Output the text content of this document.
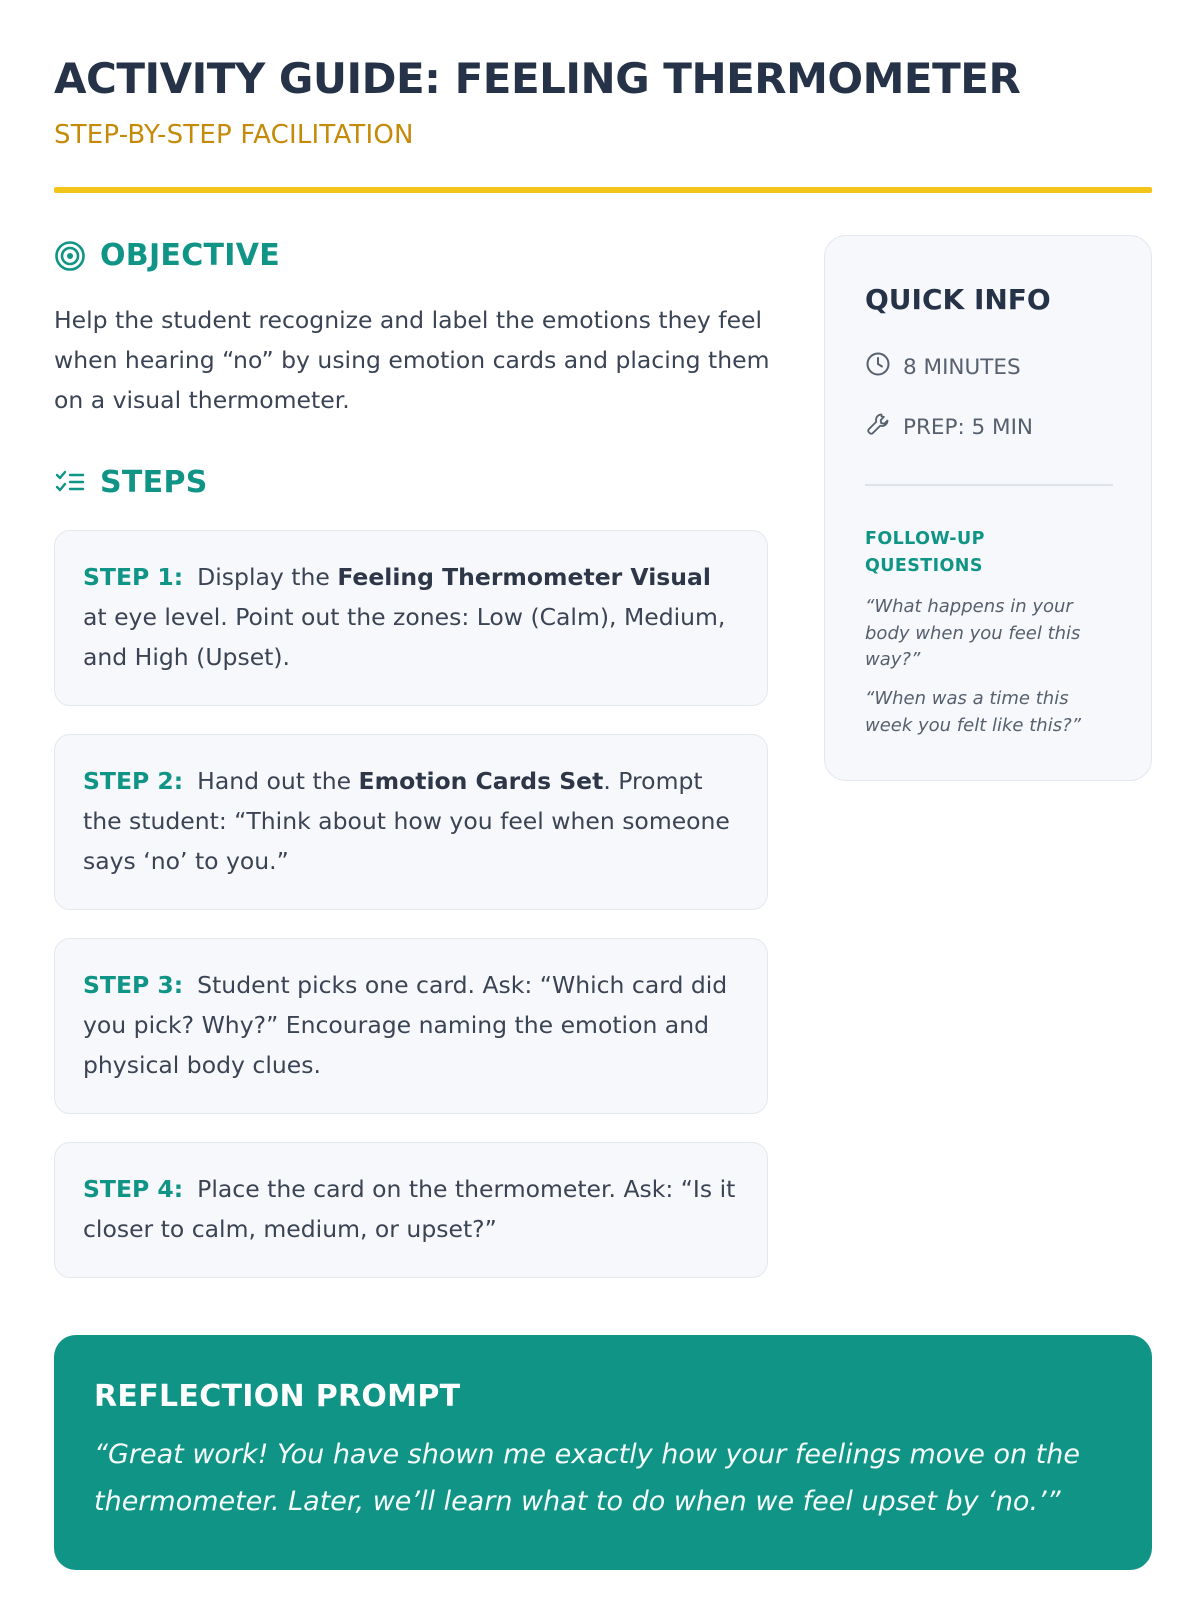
ACTIVITY GUIDE: FEELING THERMOMETER
STEP-BY-STEP FACILITATION
OBJECTIVE

Help the student recognize and label the emotions they feel when hearing “no” by using emotion cards and placing them on a visual thermometer.

STEPS
STEP 1: Display the Feeling Thermometer Visual at eye level. Point out the zones: Low (Calm), Medium, and High (Upset).
STEP 2: Hand out the Emotion Cards Set. Prompt the student: “Think about how you feel when someone says ‘no’ to you.”
STEP 3: Student picks one card. Ask: “Which card did you pick? Why?” Encourage naming the emotion and physical body clues.
STEP 4: Place the card on the thermometer. Ask: “Is it closer to calm, medium, or upset?”
QUICK INFO
8 MINUTES
PREP: 5 MIN
FOLLOW-UP
QUESTIONS

“What happens in your body when you feel this way?”

“When was a time this week you felt like this?”

REFLECTION PROMPT

“Great work! You have shown me exactly how your feelings move on the thermometer. Later, we’ll learn what to do when we feel upset by ‘no.’”
